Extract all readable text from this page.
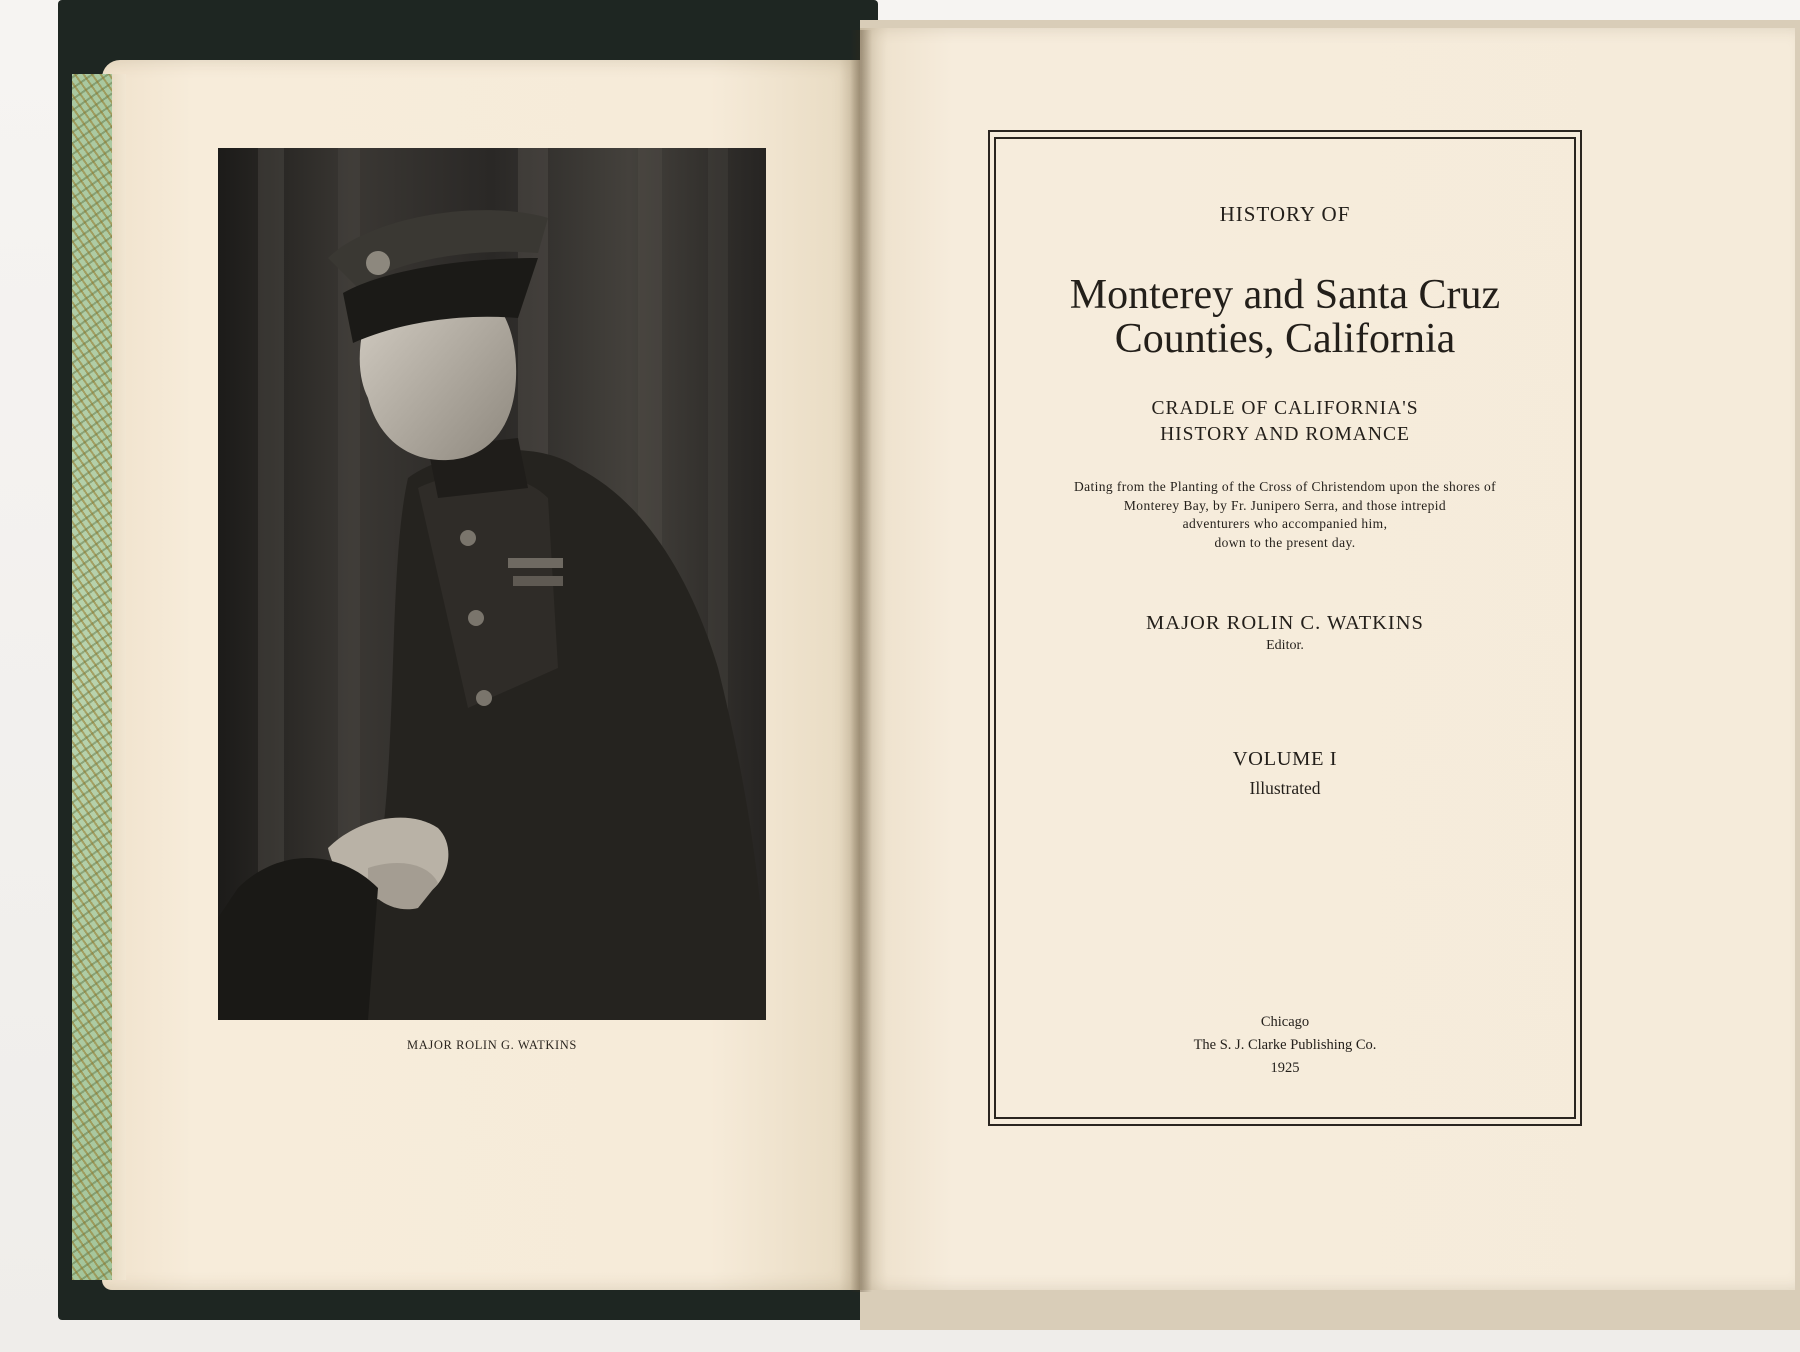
MAJOR ROLIN G. WATKINS
HISTORY OF
Monterey and Santa Cruz
Counties, California
CRADLE OF CALIFORNIA'S
HISTORY AND ROMANCE
Dating from the Planting of the Cross of Christendom upon the shores of
Monterey Bay, by Fr. Junipero Serra, and those intrepid
adventurers who accompanied him,
down to the present day.
MAJOR ROLIN C. WATKINS
Editor.
VOLUME I
Illustrated
Chicago
The S. J. Clarke Publishing Co.
1925
